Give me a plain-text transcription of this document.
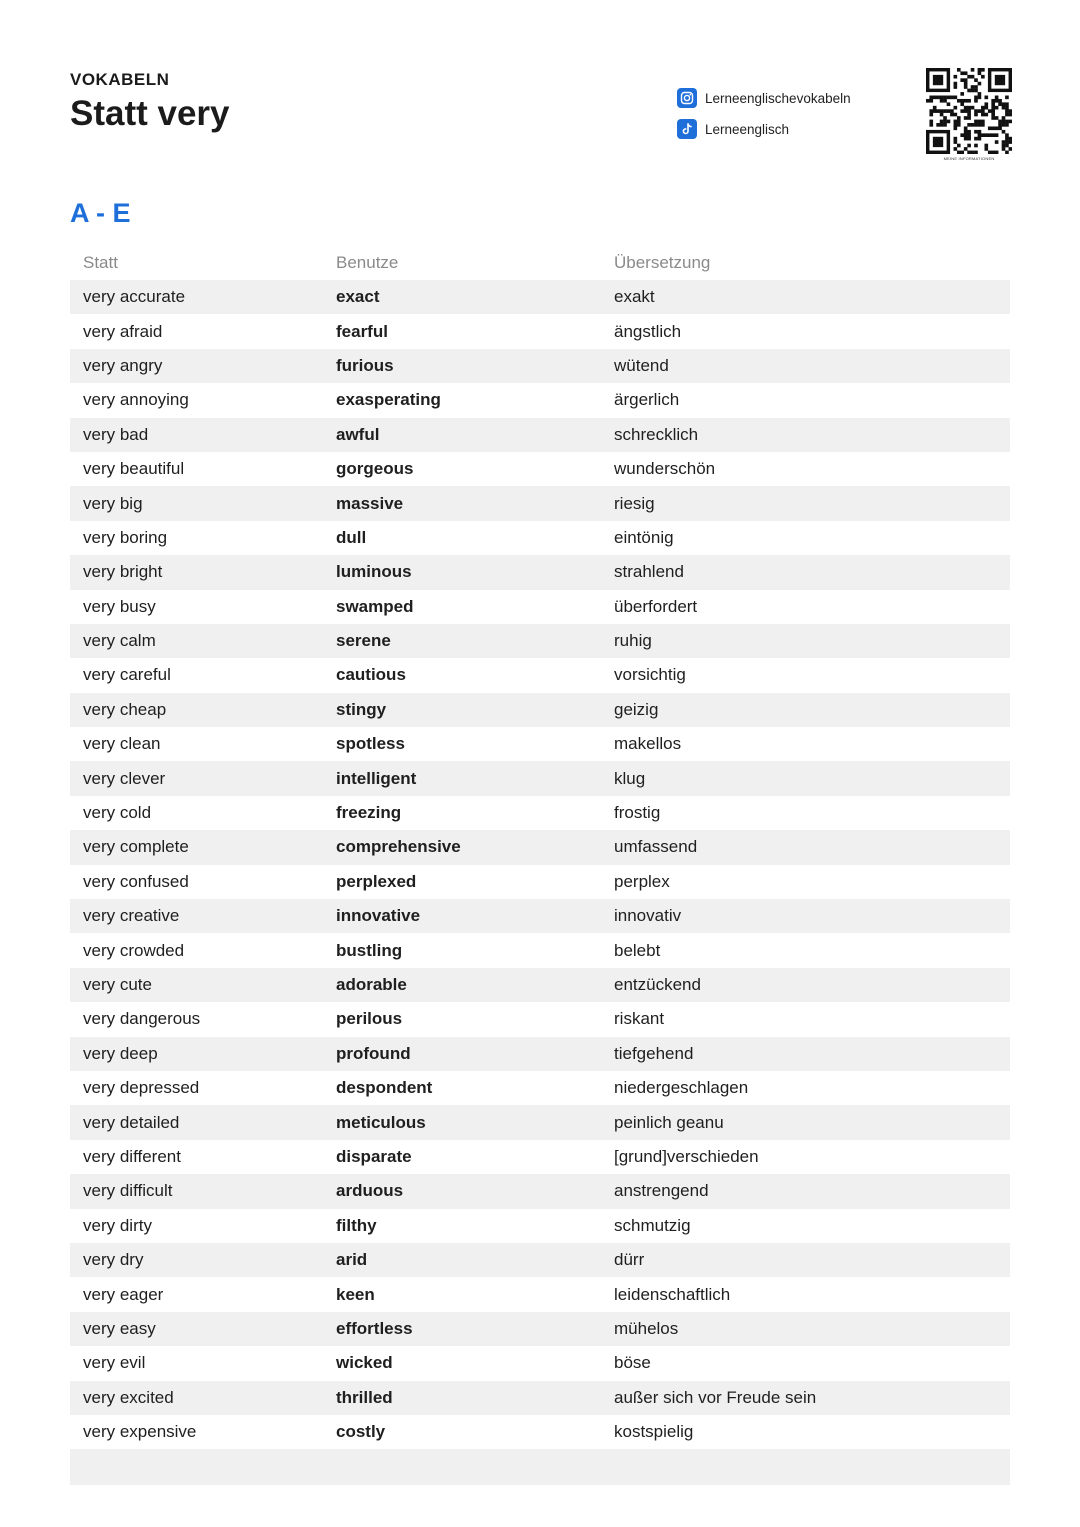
VOKABELN
Statt very	Lerneenglischevokabeln
Lerneenglisch
MEINE INFORMATIONEN
A - E
Statt	Benutze	Übersetzung
very accurate	exact	exakt
very afraid	fearful	ängstlich
very angry	furious	wütend
very annoying	exasperating	ärgerlich
very bad	awful	schrecklich
very beautiful	gorgeous	wunderschön
very big	massive	riesig
very boring	dull	eintönig
very bright	luminous	strahlend
very busy	swamped	überfordert
very calm	serene	ruhig
very careful	cautious	vorsichtig
very cheap	stingy	geizig
very clean	spotless	makellos
very clever	intelligent	klug
very cold	freezing	frostig
very complete	comprehensive	umfassend
very confused	perplexed	perplex
very creative	innovative	innovativ
very crowded	bustling	belebt
very cute	adorable	entzückend
very dangerous	perilous	riskant
very deep	profound	tiefgehend
very depressed	despondent	niedergeschlagen
very detailed	meticulous	peinlich geanu
very different	disparate	[grund]verschieden
very difficult	arduous	anstrengend
very dirty	filthy	schmutzig
very dry	arid	dürr
very eager	keen	leidenschaftlich
very easy	effortless	mühelos
very evil	wicked	böse
very excited	thrilled	außer sich vor Freude sein
very expensive	costly	kostspielig
